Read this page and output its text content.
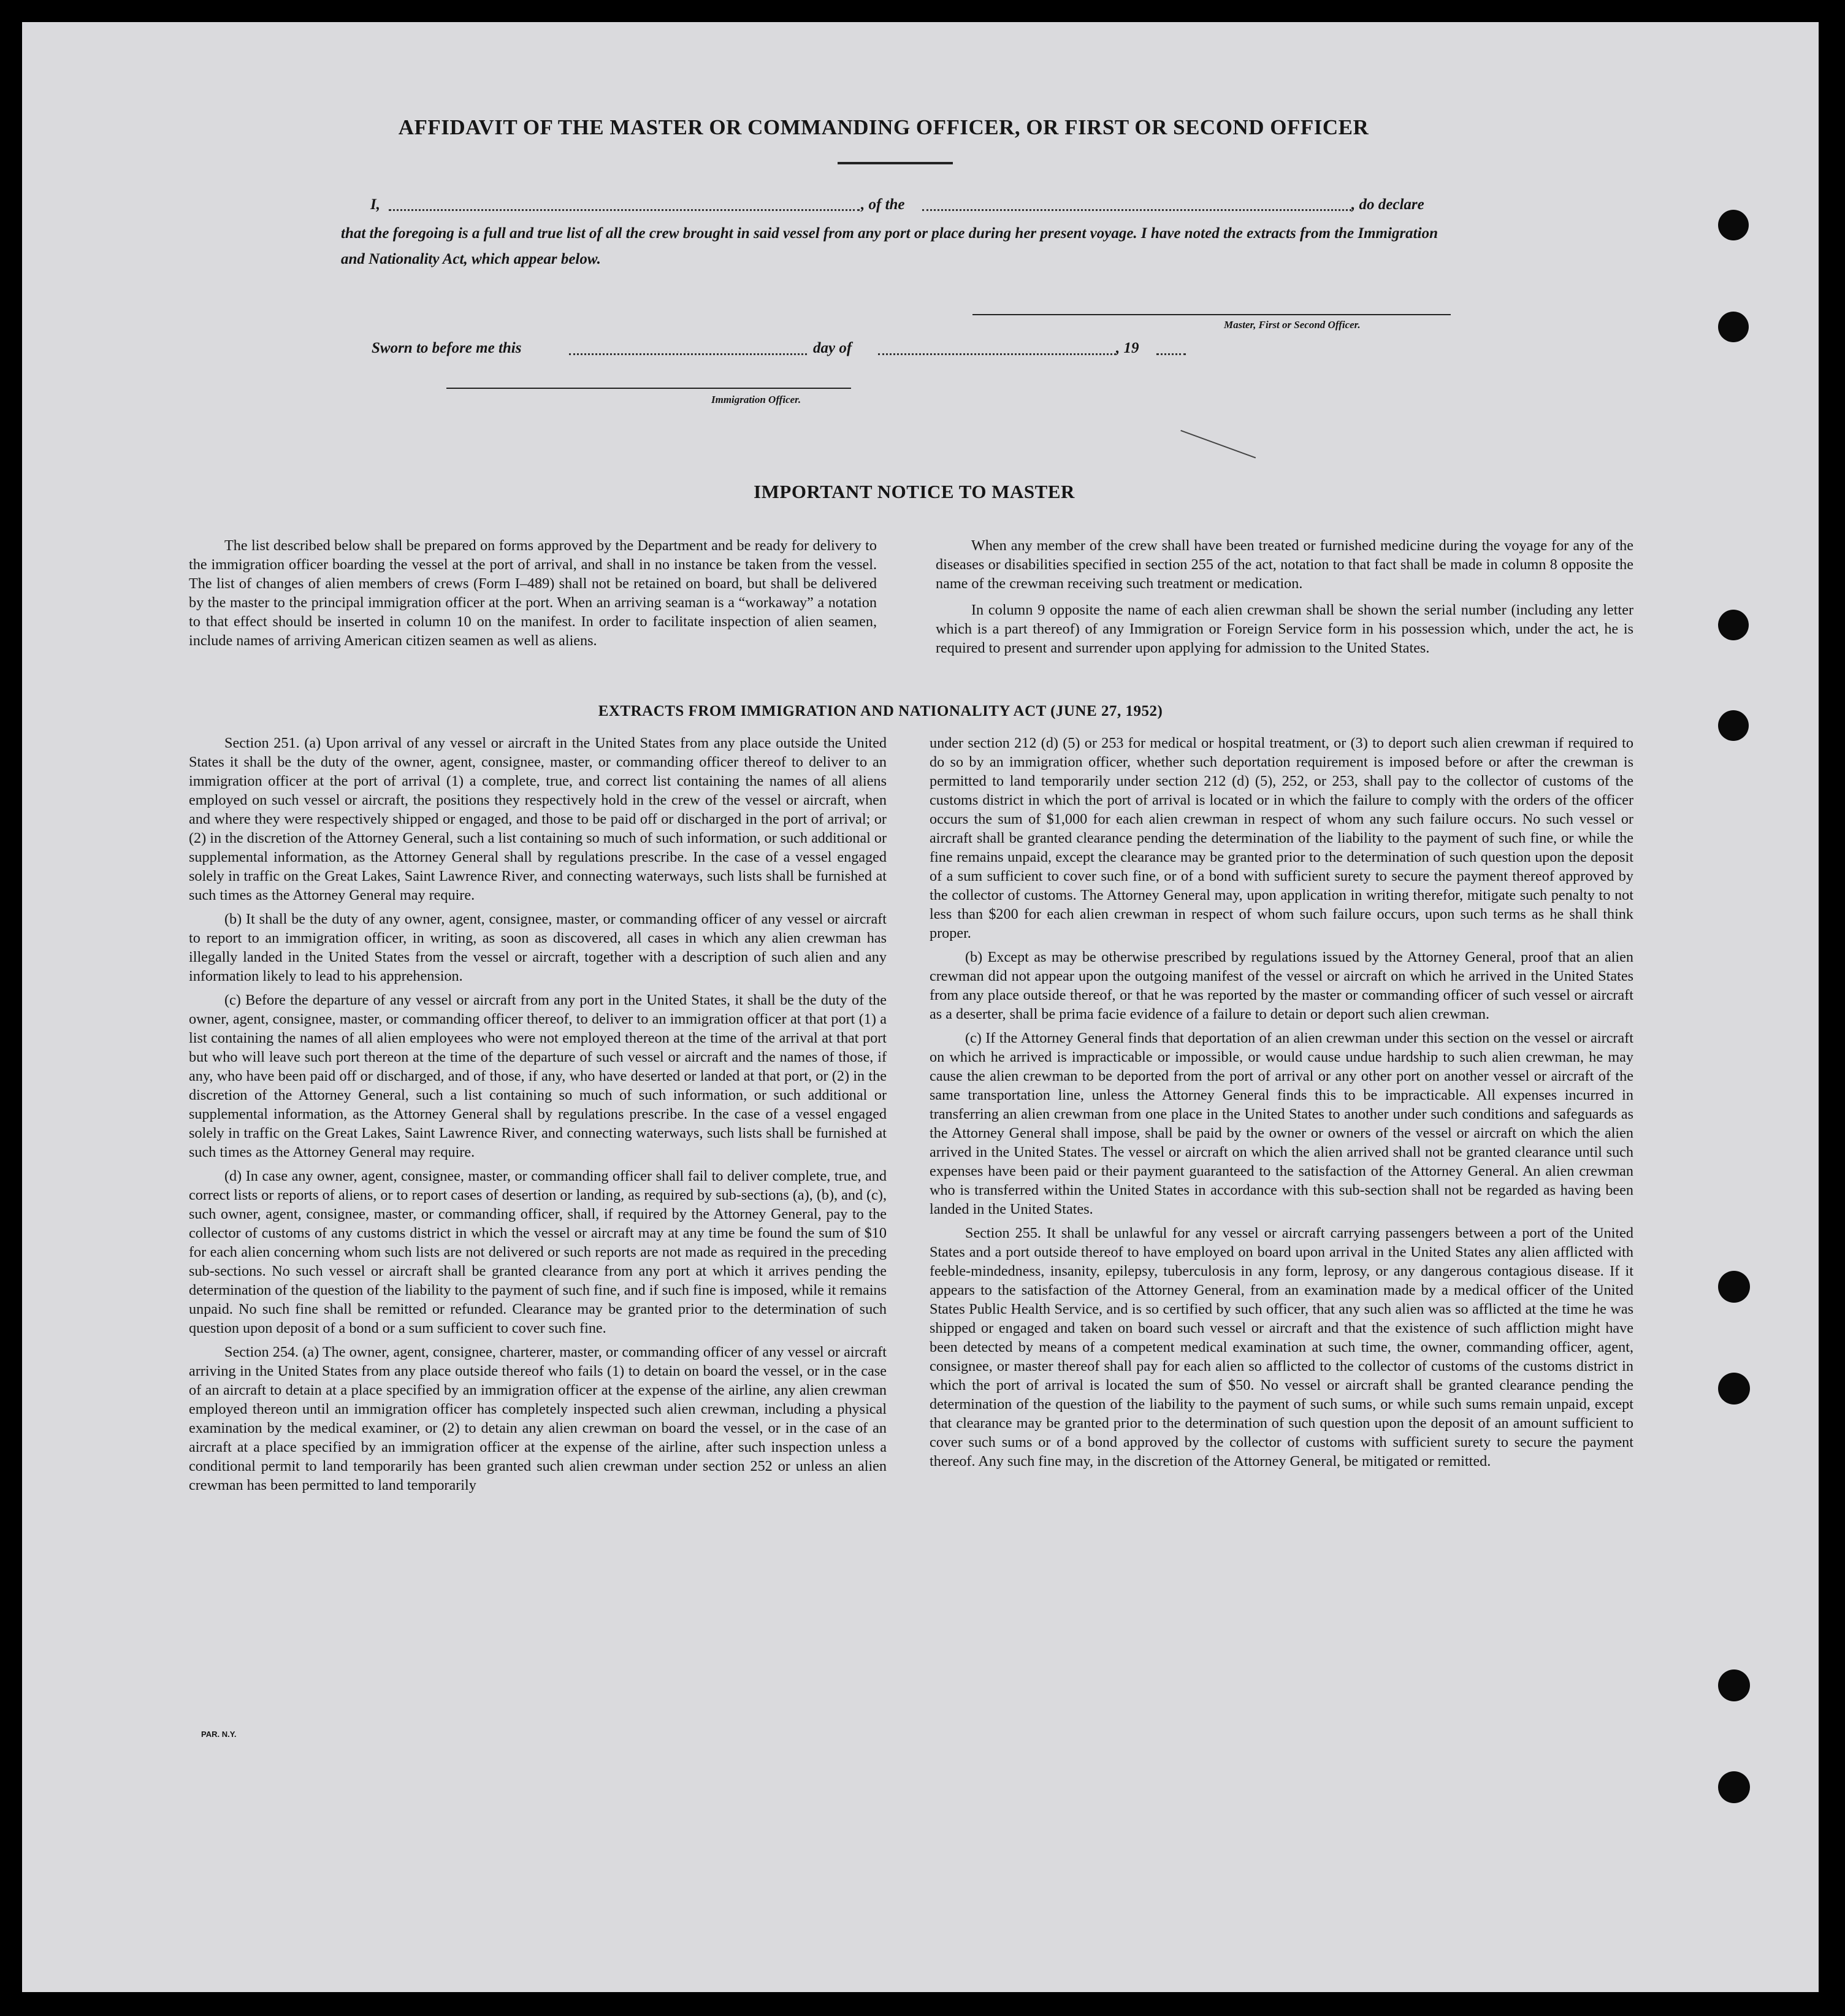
AFFIDAVIT OF THE MASTER OR COMMANDING OFFICER, OR FIRST OR SECOND OFFICER
I,	, of the	, do declare
that the foregoing is a full and true list of all the crew brought in said vessel from any port or place during her present voyage. I have noted the extracts from the Immigration and Nationality Act, which appear below.
Master, First or Second Officer.
Sworn to before me this	day of	, 19
Immigration Officer.
IMPORTANT NOTICE TO MASTER

The list described below shall be prepared on forms approved by the Department and be ready for delivery to the immigration officer boarding the vessel at the port of arrival, and shall in no instance be taken from the vessel. The list of changes of alien members of crews (Form I–489) shall not be retained on board, but shall be delivered by the master to the principal immigration officer at the port. When an arriving seaman is a “workaway” a notation to that effect should be inserted in column 10 on the manifest. In order to facilitate inspection of alien seamen, include names of arriving American citizen seamen as well as aliens.

When any member of the crew shall have been treated or furnished medicine during the voyage for any of the diseases or disabilities specified in section 255 of the act, notation to that fact shall be made in column 8 opposite the name of the crewman receiving such treatment or medication.

In column 9 opposite the name of each alien crewman shall be shown the serial number (including any letter which is a part thereof) of any Immigration or Foreign Service form in his possession which, under the act, he is required to present and surrender upon applying for admission to the United States.

EXTRACTS FROM IMMIGRATION AND NATIONALITY ACT (JUNE 27, 1952)

Section 251. (a) Upon arrival of any vessel or aircraft in the United States from any place outside the United States it shall be the duty of the owner, agent, consignee, master, or commanding officer thereof to deliver to an immigration officer at the port of arrival (1) a complete, true, and correct list containing the names of all aliens employed on such vessel or aircraft, the positions they respectively hold in the crew of the vessel or aircraft, when and where they were respectively shipped or engaged, and those to be paid off or discharged in the port of arrival; or (2) in the discretion of the Attorney General, such a list containing so much of such information, or such additional or supplemental information, as the Attorney General shall by regulations prescribe. In the case of a vessel engaged solely in traffic on the Great Lakes, Saint Lawrence River, and connecting waterways, such lists shall be furnished at such times as the Attorney General may require.

(b) It shall be the duty of any owner, agent, consignee, master, or commanding officer of any vessel or aircraft to report to an immigration officer, in writing, as soon as discovered, all cases in which any alien crewman has illegally landed in the United States from the vessel or aircraft, together with a description of such alien and any information likely to lead to his apprehension.

(c) Before the departure of any vessel or aircraft from any port in the United States, it shall be the duty of the owner, agent, consignee, master, or commanding officer thereof, to deliver to an immigration officer at that port (1) a list containing the names of all alien employees who were not employed thereon at the time of the arrival at that port but who will leave such port thereon at the time of the departure of such vessel or aircraft and the names of those, if any, who have been paid off or discharged, and of those, if any, who have deserted or landed at that port, or (2) in the discretion of the Attorney General, such a list containing so much of such information, or such additional or supplemental information, as the Attorney General shall by regulations prescribe. In the case of a vessel engaged solely in traffic on the Great Lakes, Saint Lawrence River, and connecting waterways, such lists shall be furnished at such times as the Attorney General may require.

(d) In case any owner, agent, consignee, master, or commanding officer shall fail to deliver complete, true, and correct lists or reports of aliens, or to report cases of desertion or landing, as required by sub-sections (a), (b), and (c), such owner, agent, consignee, master, or commanding officer, shall, if required by the Attorney General, pay to the collector of customs of any customs district in which the vessel or aircraft may at any time be found the sum of $10 for each alien concerning whom such lists are not delivered or such reports are not made as required in the preceding sub-sections. No such vessel or aircraft shall be granted clearance from any port at which it arrives pending the determination of the question of the liability to the payment of such fine, and if such fine is imposed, while it remains unpaid. No such fine shall be remitted or refunded. Clearance may be granted prior to the determination of such question upon deposit of a bond or a sum sufficient to cover such fine.

Section 254. (a) The owner, agent, consignee, charterer, master, or commanding officer of any vessel or aircraft arriving in the United States from any place outside thereof who fails (1) to detain on board the vessel, or in the case of an aircraft to detain at a place specified by an immigration officer at the expense of the airline, any alien crewman employed thereon until an immigration officer has completely inspected such alien crewman, including a physical examination by the medical examiner, or (2) to detain any alien crewman on board the vessel, or in the case of an aircraft at a place specified by an immigration officer at the expense of the airline, after such inspection unless a conditional permit to land temporarily has been granted such alien crewman under section 252 or unless an alien crewman has been permitted to land temporarily

under section 212 (d) (5) or 253 for medical or hospital treatment, or (3) to deport such alien crewman if required to do so by an immigration officer, whether such deportation requirement is imposed before or after the crewman is permitted to land temporarily under section 212 (d) (5), 252, or 253, shall pay to the collector of customs of the customs district in which the port of arrival is located or in which the failure to comply with the orders of the officer occurs the sum of $1,000 for each alien crewman in respect of whom any such failure occurs. No such vessel or aircraft shall be granted clearance pending the determination of the liability to the payment of such fine, or while the fine remains unpaid, except the clearance may be granted prior to the determination of such question upon the deposit of a sum sufficient to cover such fine, or of a bond with sufficient surety to secure the payment thereof approved by the collector of customs. The Attorney General may, upon application in writing therefor, mitigate such penalty to not less than $200 for each alien crewman in respect of whom such failure occurs, upon such terms as he shall think proper.

(b) Except as may be otherwise prescribed by regulations issued by the Attorney General, proof that an alien crewman did not appear upon the outgoing manifest of the vessel or aircraft on which he arrived in the United States from any place outside thereof, or that he was reported by the master or commanding officer of such vessel or aircraft as a deserter, shall be prima facie evidence of a failure to detain or deport such alien crewman.

(c) If the Attorney General finds that deportation of an alien crewman under this section on the vessel or aircraft on which he arrived is impracticable or impossible, or would cause undue hardship to such alien crewman, he may cause the alien crewman to be deported from the port of arrival or any other port on another vessel or aircraft of the same transportation line, unless the Attorney General finds this to be impracticable. All expenses incurred in transferring an alien crewman from one place in the United States to another under such conditions and safeguards as the Attorney General shall impose, shall be paid by the owner or owners of the vessel or aircraft on which the alien arrived in the United States. The vessel or aircraft on which the alien arrived shall not be granted clearance until such expenses have been paid or their payment guaranteed to the satisfaction of the Attorney General. An alien crewman who is transferred within the United States in accordance with this sub-section shall not be regarded as having been landed in the United States.

Section 255. It shall be unlawful for any vessel or aircraft carrying passengers between a port of the United States and a port outside thereof to have employed on board upon arrival in the United States any alien afflicted with feeble-mindedness, insanity, epilepsy, tuberculosis in any form, leprosy, or any dangerous contagious disease. If it appears to the satisfaction of the Attorney General, from an examination made by a medical officer of the United States Public Health Service, and is so certified by such officer, that any such alien was so afflicted at the time he was shipped or engaged and taken on board such vessel or aircraft and that the existence of such affliction might have been detected by means of a competent medical examination at such time, the owner, commanding officer, agent, consignee, or master thereof shall pay for each alien so afflicted to the collector of customs of the customs district in which the port of arrival is located the sum of $50. No vessel or aircraft shall be granted clearance pending the determination of the question of the liability to the payment of such sums, or while such sums remain unpaid, except that clearance may be granted prior to the determination of such question upon the deposit of an amount sufficient to cover such sums or of a bond approved by the collector of customs with sufficient surety to secure the payment thereof. Any such fine may, in the discretion of the Attorney General, be mitigated or remitted.

PAR. N.Y.
